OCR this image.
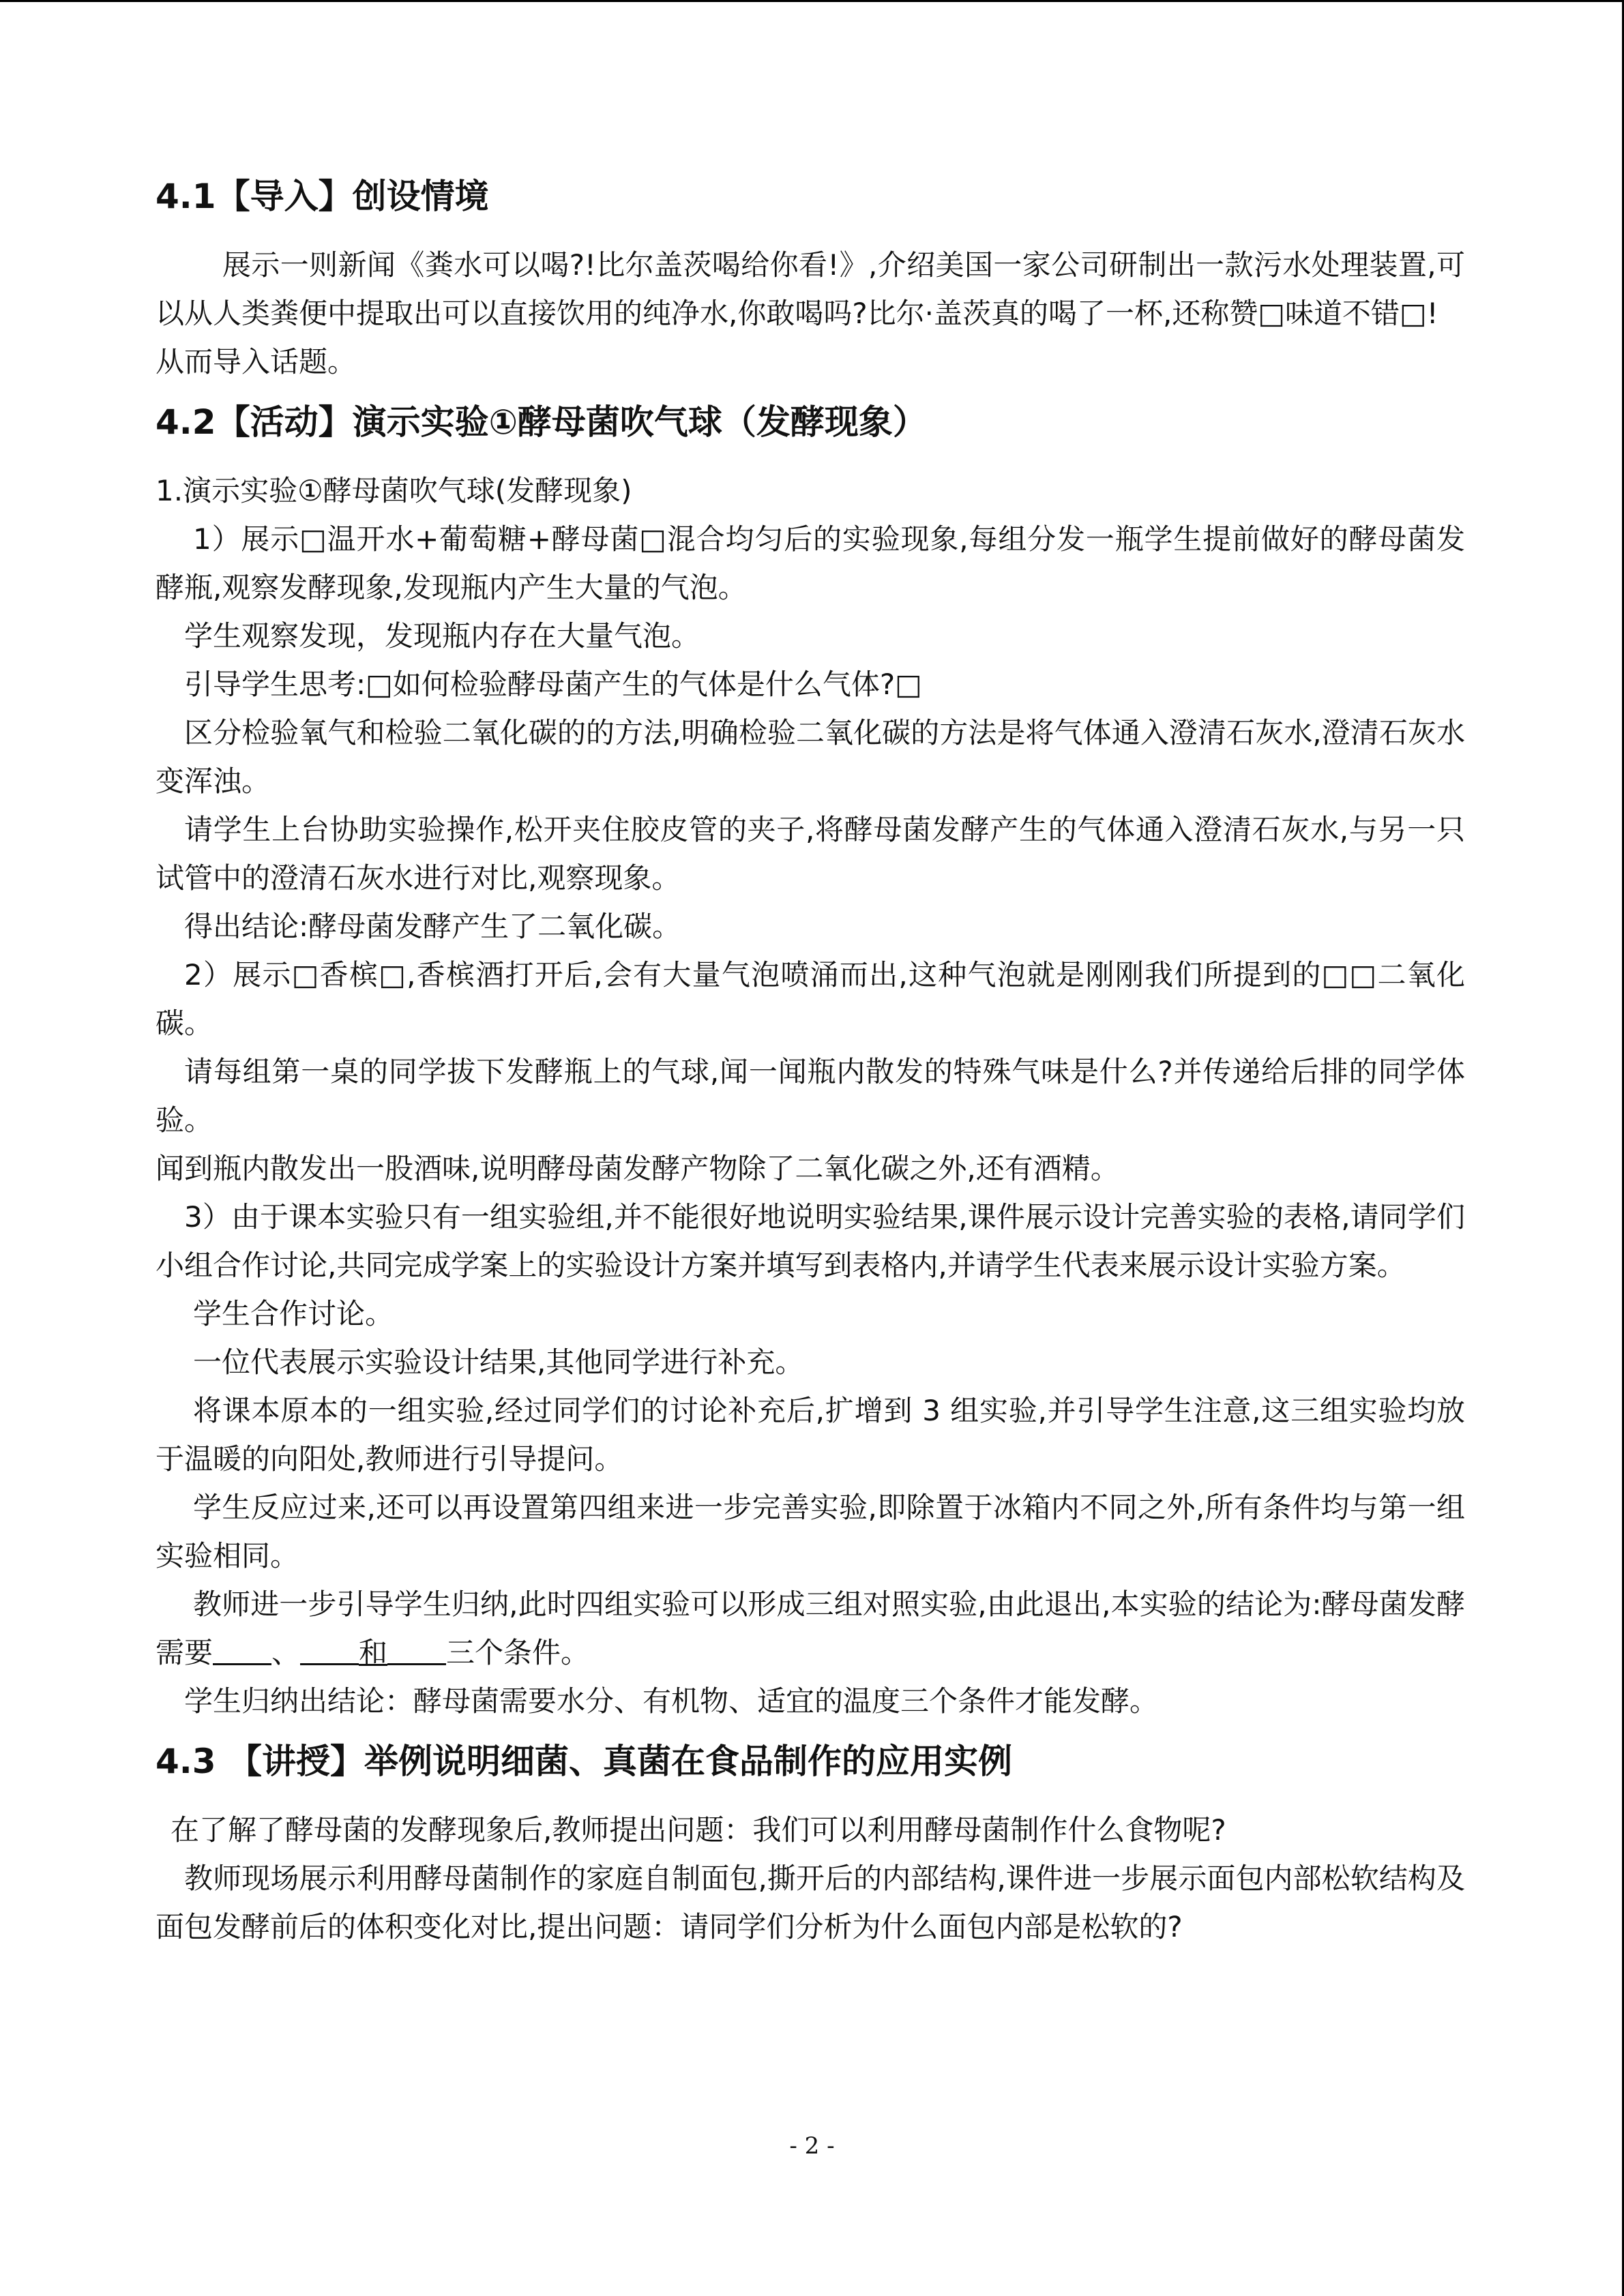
4.1【导入】创设情境

展示一则新闻《粪水可以喝?!比尔盖茨喝给你看!》,介绍美国一家公司研制出一款污水处理装置,可以从人类粪便中提取出可以直接饮用的纯净水,你敢喝吗?比尔·盖茨真的喝了一杯,还称赞□味道不错□!

从而导入话题。

4.2【活动】演示实验①酵母菌吹气球（发酵现象）

1.演示实验①酵母菌吹气球(发酵现象)

1）展示□温开水+葡萄糖+酵母菌□混合均匀后的实验现象,每组分发一瓶学生提前做好的酵母菌发酵瓶,观察发酵现象,发现瓶内产生大量的气泡。

学生观察发现，发现瓶内存在大量气泡。

引导学生思考:□如何检验酵母菌产生的气体是什么气体?□

区分检验氧气和检验二氧化碳的的方法,明确检验二氧化碳的方法是将气体通入澄清石灰水,澄清石灰水变浑浊。

请学生上台协助实验操作,松开夹住胶皮管的夹子,将酵母菌发酵产生的气体通入澄清石灰水,与另一只试管中的澄清石灰水进行对比,观察现象。

得出结论:酵母菌发酵产生了二氧化碳。

2）展示□香槟□,香槟酒打开后,会有大量气泡喷涌而出,这种气泡就是刚刚我们所提到的□□二氧化碳。

请每组第一桌的同学拔下发酵瓶上的气球,闻一闻瓶内散发的特殊气味是什么?并传递给后排的同学体验。

闻到瓶内散发出一股酒味,说明酵母菌发酵产物除了二氧化碳之外,还有酒精。

3）由于课本实验只有一组实验组,并不能很好地说明实验结果,课件展示设计完善实验的表格,请同学们小组合作讨论,共同完成学案上的实验设计方案并填写到表格内,并请学生代表来展示设计实验方案。

学生合作讨论。

一位代表展示实验设计结果,其他同学进行补充。

将课本原本的一组实验,经过同学们的讨论补充后,扩增到 3 组实验,并引导学生注意,这三组实验均放于温暖的向阳处,教师进行引导提问。

学生反应过来,还可以再设置第四组来进一步完善实验,即除置于冰箱内不同之外,所有条件均与第一组实验相同。

教师进一步引导学生归纳,此时四组实验可以形成三组对照实验,由此退出,本实验的结论为:酵母菌发酵需要 、 和 三个条件。

学生归纳出结论：酵母菌需要水分、有机物、适宜的温度三个条件才能发酵。

4.3 【讲授】举例说明细菌、真菌在食品制作的应用实例

在了解了酵母菌的发酵现象后,教师提出问题：我们可以利用酵母菌制作什么食物呢?

教师现场展示利用酵母菌制作的家庭自制面包,撕开后的内部结构,课件进一步展示面包内部松软结构及面包发酵前后的体积变化对比,提出问题：请同学们分析为什么面包内部是松软的?

- 2 -
